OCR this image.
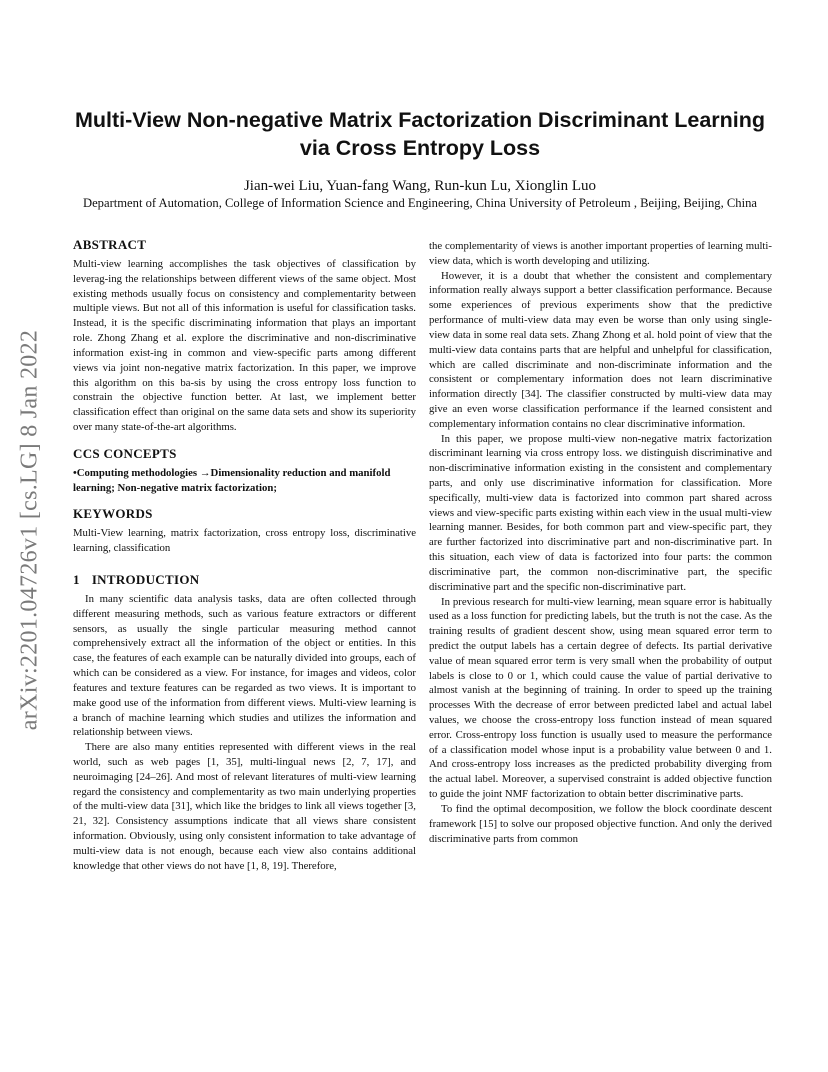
arXiv:2201.04726v1 [cs.LG] 8 Jan 2022
Multi-View Non-negative Matrix Factorization Discriminant Learning via Cross Entropy Loss
Jian-wei Liu, Yuan-fang Wang, Run-kun Lu, Xionglin Luo
Department of Automation, College of Information Science and Engineering, China University of Petroleum , Beijing, Beijing, China
ABSTRACT

Multi-view learning accomplishes the task objectives of classification by leverag-ing the relationships between different views of the same object. Most existing methods usually focus on consistency and complementarity between multiple views. But not all of this information is useful for classification tasks. Instead, it is the specific discriminating information that plays an important role. Zhong Zhang et al. explore the discriminative and non-discriminative information exist-ing in common and view-specific parts among different views via joint non-negative matrix factorization. In this paper, we improve this algorithm on this ba-sis by using the cross entropy loss function to constrain the objective function better. At last, we implement better classification effect than original on the same data sets and show its superiority over many state-of-the-art algorithms.

CCS CONCEPTS

•Computing methodologies →Dimensionality reduction and manifold learning; Non-negative matrix factorization;

KEYWORDS

Multi-View learning, matrix factorization, cross entropy loss, discriminative learning, classification

1 INTRODUCTION

In many scientific data analysis tasks, data are often collected through different measuring methods, such as various feature extractors or different sensors, as usually the single particular measuring method cannot comprehensively extract all the information of the object or entities. In this case, the features of each example can be naturally divided into groups, each of which can be considered as a view. For instance, for images and videos, color features and texture features can be regarded as two views. It is important to make good use of the information from different views. Multi-view learning is a branch of machine learning which studies and utilizes the information and relationship between views.

There are also many entities represented with different views in the real world, such as web pages [1, 35], multi-lingual news [2, 7, 17], and neuroimaging [24–26]. And most of relevant literatures of multi-view learning regard the consistency and complementarity as two main underlying properties of the multi-view data [31], which like the bridges to link all views together [3, 21, 32]. Consistency assumptions indicate that all views share consistent information. Obviously, using only consistent information to take advantage of multi-view data is not enough, because each view also contains additional knowledge that other views do not have [1, 8, 19]. Therefore,

the complementarity of views is another important properties of learning multi-view data, which is worth developing and utilizing.

However, it is a doubt that whether the consistent and complementary information really always support a better classification performance. Because some experiences of previous experiments show that the predictive performance of multi-view data may even be worse than only using single-view data in some real data sets. Zhang Zhong et al. hold point of view that the multi-view data contains parts that are helpful and unhelpful for classification, which are called discriminate and non-discriminate information and the consistent or complementary information does not learn discriminative information directly [34]. The classifier constructed by multi-view data may give an even worse classification performance if the learned consistent and complementary information contains no clear discriminative information.

In this paper, we propose multi-view non-negative matrix factorization discriminant learning via cross entropy loss. we distinguish discriminative and non-discriminative information existing in the consistent and complementary parts, and only use discriminative information for classification. More specifically, multi-view data is factorized into common part shared across views and view-specific parts existing within each view in the usual multi-view learning manner. Besides, for both common part and view-specific part, they are further factorized into discriminative part and non-discriminative part. In this situation, each view of data is factorized into four parts: the common discriminative part, the common non-discriminative part, the specific discriminative part and the specific non-discriminative part.

In previous research for multi-view learning, mean square error is habitually used as a loss function for predicting labels, but the truth is not the case. As the training results of gradient descent show, using mean squared error term to predict the output labels has a certain degree of defects. Its partial derivative value of mean squared error term is very small when the probability of output labels is close to 0 or 1, which could cause the value of partial derivative to almost vanish at the beginning of training. In order to speed up the training processes With the decrease of error between predicted label and actual label values, we choose the cross-entropy loss function instead of mean squared error. Cross-entropy loss function is usually used to measure the performance of a classification model whose input is a probability value between 0 and 1. And cross-entropy loss increases as the predicted probability diverging from the actual label. Moreover, a supervised constraint is added objective function to guide the joint NMF factorization to obtain better discriminative parts.

To find the optimal decomposition, we follow the block coordinate descent framework [15] to solve our proposed objective function. And only the derived discriminative parts from common
